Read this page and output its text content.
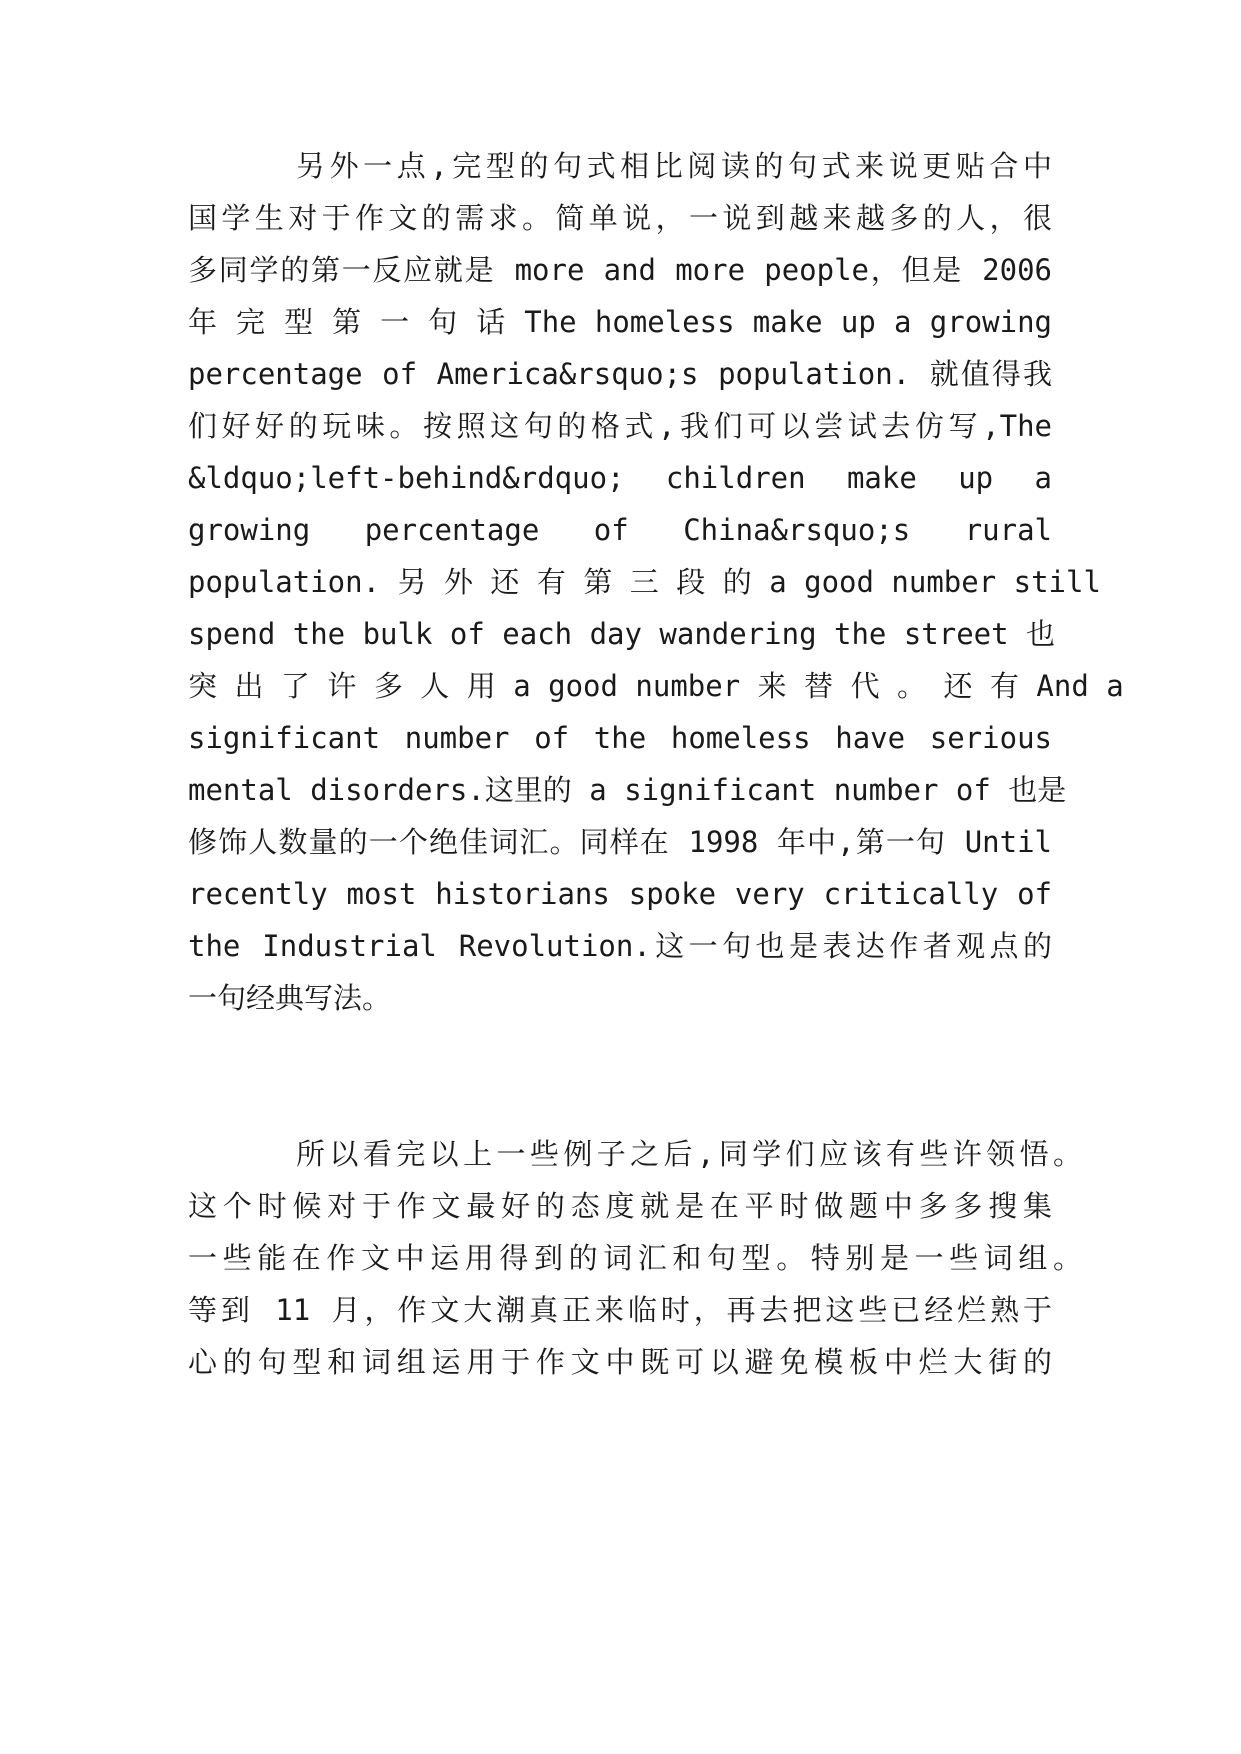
另外一点,完型的句式相比阅读的句式来说更贴合中
国学生对于作文的需求。简单说，一说到越来越多的人，很
多同学的第一反应就是 more and more people，但是 2006
年 完 型 第 一 句 话 The homeless make up a growing
percentage of America&rsquo;s population. 就值得我
们好好的玩味。按照这句的格式,我们可以尝试去仿写,The
&ldquo;left-behind&rdquo; children make up a
growing percentage of China&rsquo;s rural
population. 另 外 还 有 第 三 段 的 a good number still
spend the bulk of each day wandering the street 也
突 出 了 许 多 人 用 a good number 来 替 代 。 还 有 And a
significant number of the homeless have serious
mental disorders.这里的 a significant number of 也是
修饰人数量的一个绝佳词汇。同样在 1998 年中,第一句 Until
recently most historians spoke very critically of
the Industrial Revolution.这一句也是表达作者观点的
一句经典写法。
所以看完以上一些例子之后,同学们应该有些许领悟。
这个时候对于作文最好的态度就是在平时做题中多多搜集
一些能在作文中运用得到的词汇和句型。特别是一些词组。
等到 11 月，作文大潮真正来临时，再去把这些已经烂熟于
心的句型和词组运用于作文中既可以避免模板中烂大街的
